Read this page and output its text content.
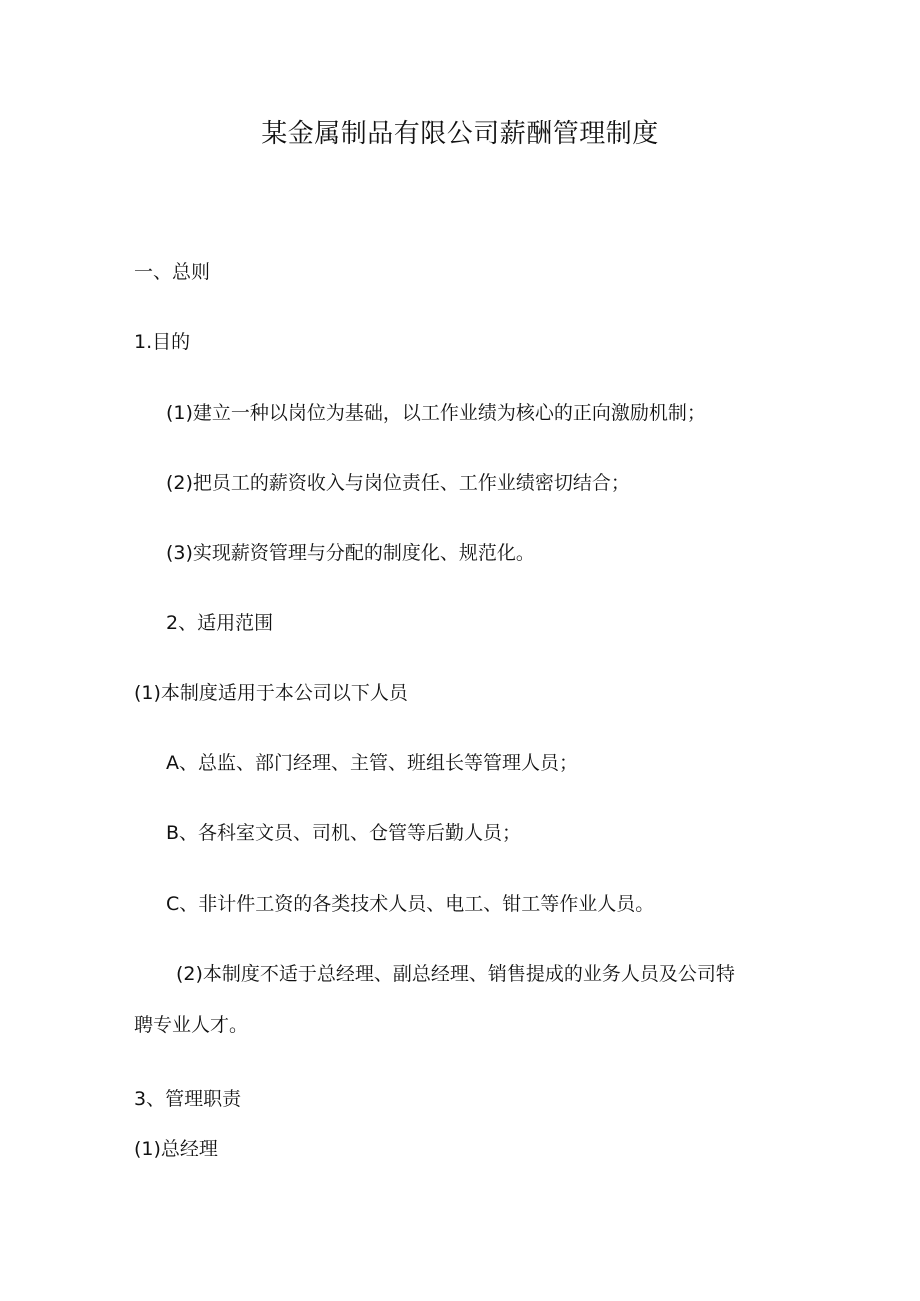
某金属制品有限公司薪酬管理制度
一、总则
1.目的
(1)建立一种以岗位为基础，以工作业绩为核心的正向激励机制；
(2)把员工的薪资收入与岗位责任、工作业绩密切结合；
(3)实现薪资管理与分配的制度化、规范化。
2、适用范围
(1)本制度适用于本公司以下人员
A、总监、部门经理、主管、班组长等管理人员；
B、各科室文员、司机、仓管等后勤人员；
C、非计件工资的各类技术人员、电工、钳工等作业人员。
(2)本制度不适于总经理、副总经理、销售提成的业务人员及公司特
聘专业人才。
3、管理职责
(1)总经理
